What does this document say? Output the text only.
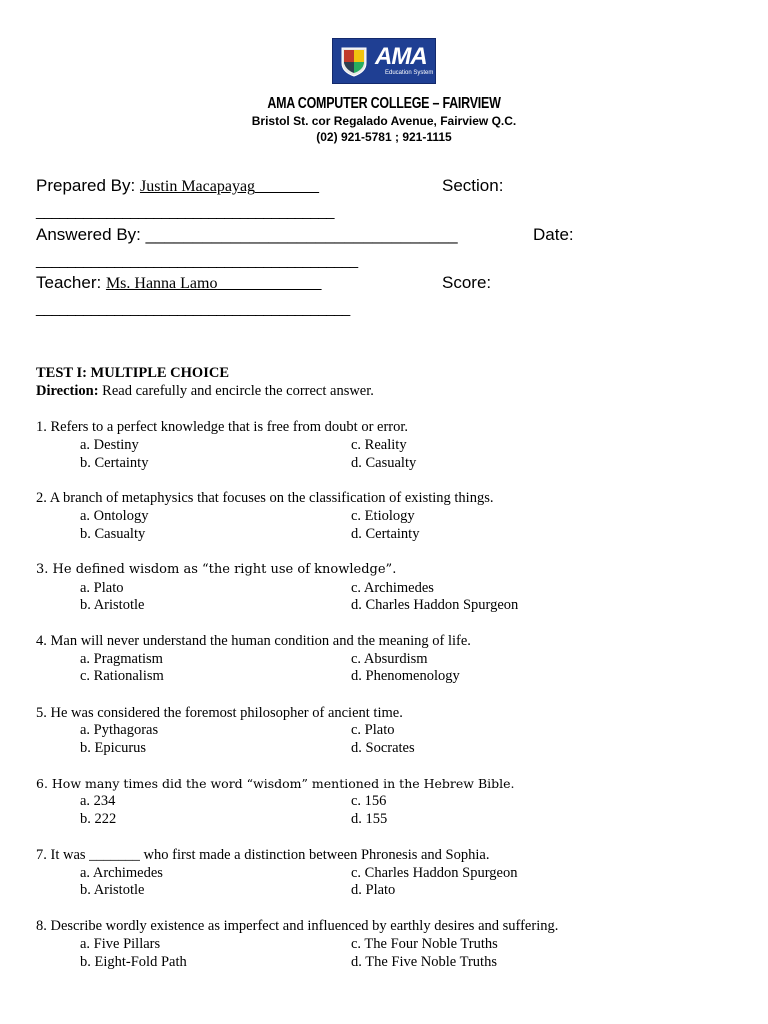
AMA
Education System
AMA COMPUTER COLLEGE – FAIRVIEW
Bristol St. cor Regalado Avenue, Fairview Q.C.
(02) 921-5781 ; 921-1115
Prepared By: Justin Macapayag________	Section:
______________________________________
Answered By: _________________________________	Date:
_________________________________________
Teacher: Ms. Hanna Lamo_____________	Score:
________________________________________
TEST I: MULTIPLE CHOICE
Direction: Read carefully and encircle the correct answer.
1. Refers to a perfect knowledge that is free from doubt or error.
a. Destiny
b. Certainty
c. Reality
d. Casualty
2. A branch of metaphysics that focuses on the classification of existing things.
a. Ontology
b. Casualty
c. Etiology
d. Certainty
3. He defined wisdom as “the right use of knowledge”.
a. Plato
b. Aristotle
c. Archimedes
d. Charles Haddon Spurgeon
4. Man will never understand the human condition and the meaning of life.
a. Pragmatism
c. Rationalism
c. Absurdism
d. Phenomenology
5. He was considered the foremost philosopher of ancient time.
a. Pythagoras
b. Epicurus
c. Plato
d. Socrates
6. How many times did the word “wisdom” mentioned in the Hebrew Bible.
a. 234
b. 222
c. 156
d. 155
7. It was _______ who first made a distinction between Phronesis and Sophia.
a. Archimedes
b. Aristotle
c. Charles Haddon Spurgeon
d. Plato
8. Describe wordly existence as imperfect and influenced by earthly desires and suffering.
a. Five Pillars
b. Eight-Fold Path
c. The Four Noble Truths
d. The Five Noble Truths
